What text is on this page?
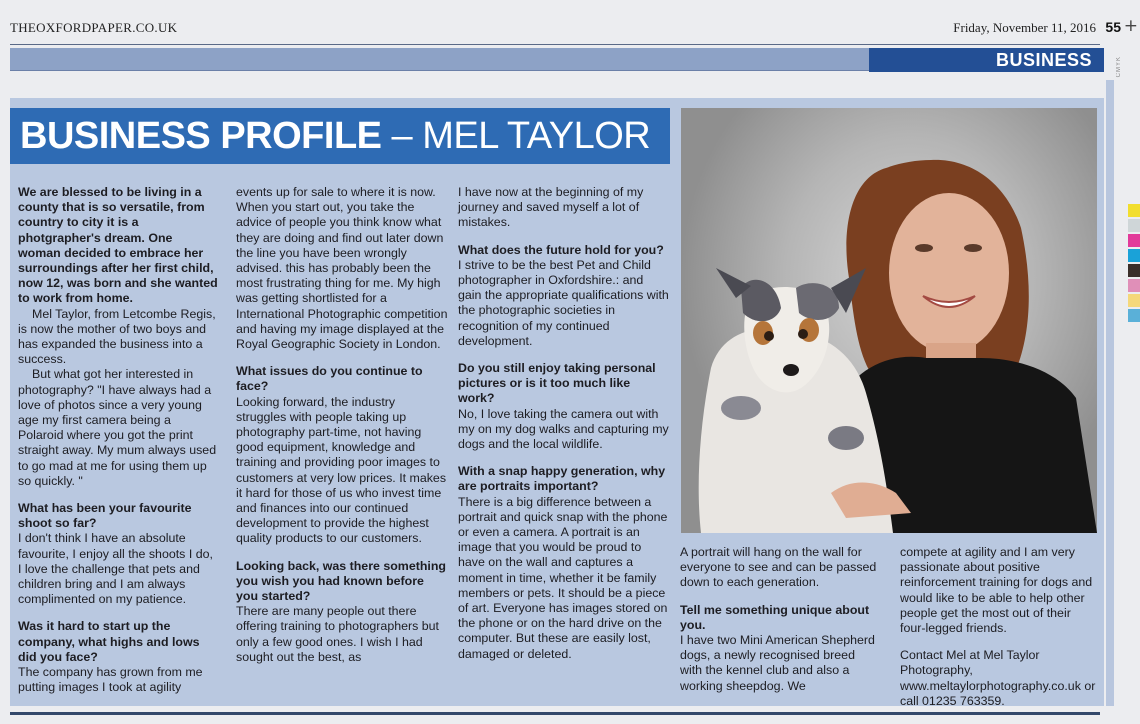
THEOXFORDPAPER.CO.UK	Friday, November 11, 2016 55 +
BUSINESS	CMYK
BUSINESS PROFILE – MEL TAYLOR

We are blessed to be living in a county that is so versatile, from country to city it is a photgrapher's dream. One woman decided to embrace her surroundings after her first child, now 12, was born and she wanted to work from home.

Mel Taylor, from Letcombe Regis, is now the mother of two boys and has expanded the business into a success.

But what got her interested in photography? "I have always had a love of photos since a very young age my first camera being a Polaroid where you got the print straight away. My mum always used to go mad at me for using them up so quickly. "

What has been your favourite shoot so far?

I don't think I have an absolute favourite, I enjoy all the shoots I do, I love the challenge that pets and children bring and I am always complimented on my patience.

Was it hard to start up the company, what highs and lows did you face?

The company has grown from me putting images I took at agility

events up for sale to where it is now. When you start out, you take the advice of people you think know what they are doing and find out later down the line you have been wrongly advised. this has probably been the most frustrating thing for me. My high was getting shortlisted for a International Photographic competition and having my image displayed at the Royal Geographic Society in London.

What issues do you continue to face?

Looking forward, the industry struggles with people taking up photography part-time, not having good equipment, knowledge and training and providing poor images to customers at very low prices. It makes it hard for those of us who invest time and finances into our continued development to provide the highest quality products to our customers.

Looking back, was there something you wish you had known before you started?

There are many people out there offering training to photographers but only a few good ones. I wish I had sought out the best, as

I have now at the beginning of my journey and saved myself a lot of mistakes.

What does the future hold for you?

I strive to be the best Pet and Child photographer in Oxfordshire.: and gain the appropriate qualifications with the photographic societies in recognition of my continued development.

Do you still enjoy taking personal pictures or is it too much like work?

No, I love taking the camera out with my on my dog walks and capturing my dogs and the local wildlife.

With a snap happy generation, why are portraits important?

There is a big difference between a portrait and quick snap with the phone or even a camera. A portrait is an image that you would be proud to have on the wall and captures a moment in time, whether it be family members or pets. It should be a piece of art. Everyone has images stored on the phone or on the hard drive on the computer. But these are easily lost, damaged or deleted.

A portrait will hang on the wall for everyone to see and can be passed down to each generation.

Tell me something unique about you.

I have two Mini American Shepherd dogs, a newly recognised breed with the kennel club and also a working sheepdog. We

compete at agility and I am very passionate about positive reinforcement training for dogs and would like to be able to help other people get the most out of their four-legged friends.

Contact Mel at Mel Taylor Photography, www.meltaylorphotography.co.uk or call 01235 763359.
